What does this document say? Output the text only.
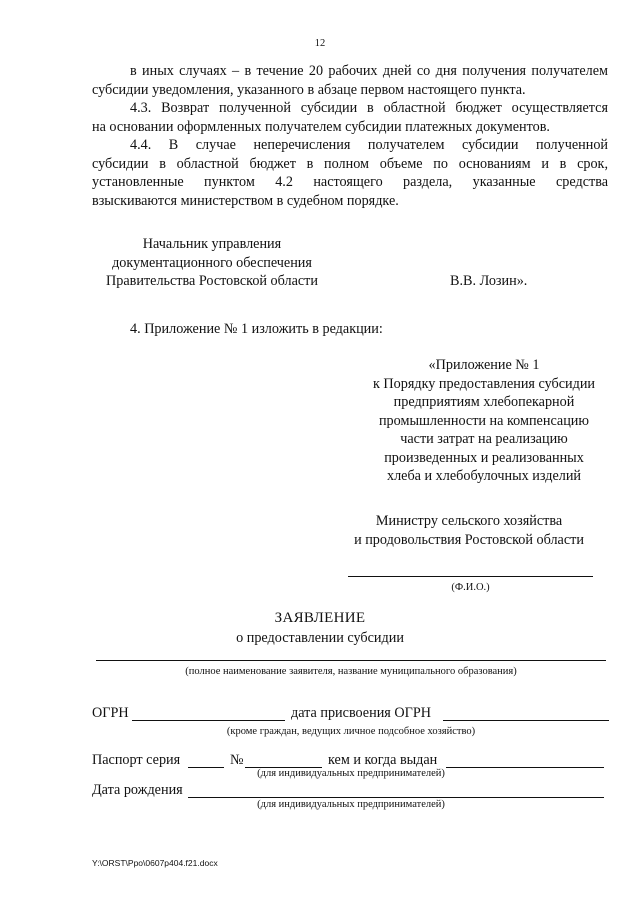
12
в иных случаях – в течение 20 рабочих дней со дня получения получателем
субсидии уведомления, указанного в абзаце первом настоящего пункта.
4.3. Возврат полученной субсидии в областной бюджет осуществляется
на основании оформленных получателем субсидии платежных документов.
4.4. В случае неперечисления получателем субсидии полученной
субсидии в областной бюджет в полном объеме по основаниям и в срок,
установленные пунктом 4.2 настоящего раздела, указанные средства
взыскиваются министерством в судебном порядке.
Начальник управления
документационного обеспечения
Правительства Ростовской области	В.В. Лозин».
4. Приложение № 1 изложить в редакции:
«Приложение № 1
к Порядку предоставления субсидии
предприятиям хлебопекарной
промышленности на компенсацию
части затрат на реализацию
произведенных и реализованных
хлеба и хлебобулочных изделий
Министру сельского хозяйства
и продовольствия Ростовской области
(Ф.И.О.)
ЗАЯВЛЕНИЕ
о предоставлении субсидии
(полное наименование заявителя, название муниципального образования)
ОГРН	дата присвоения ОГРН
(кроме граждан, ведущих личное подсобное хозяйство)
Паспорт серия	№	кем и когда выдан
(для индивидуальных предпринимателей)
Дата рождения
(для индивидуальных предпринимателей)
Y:\ORST\Ppo\0607p404.f21.docx
